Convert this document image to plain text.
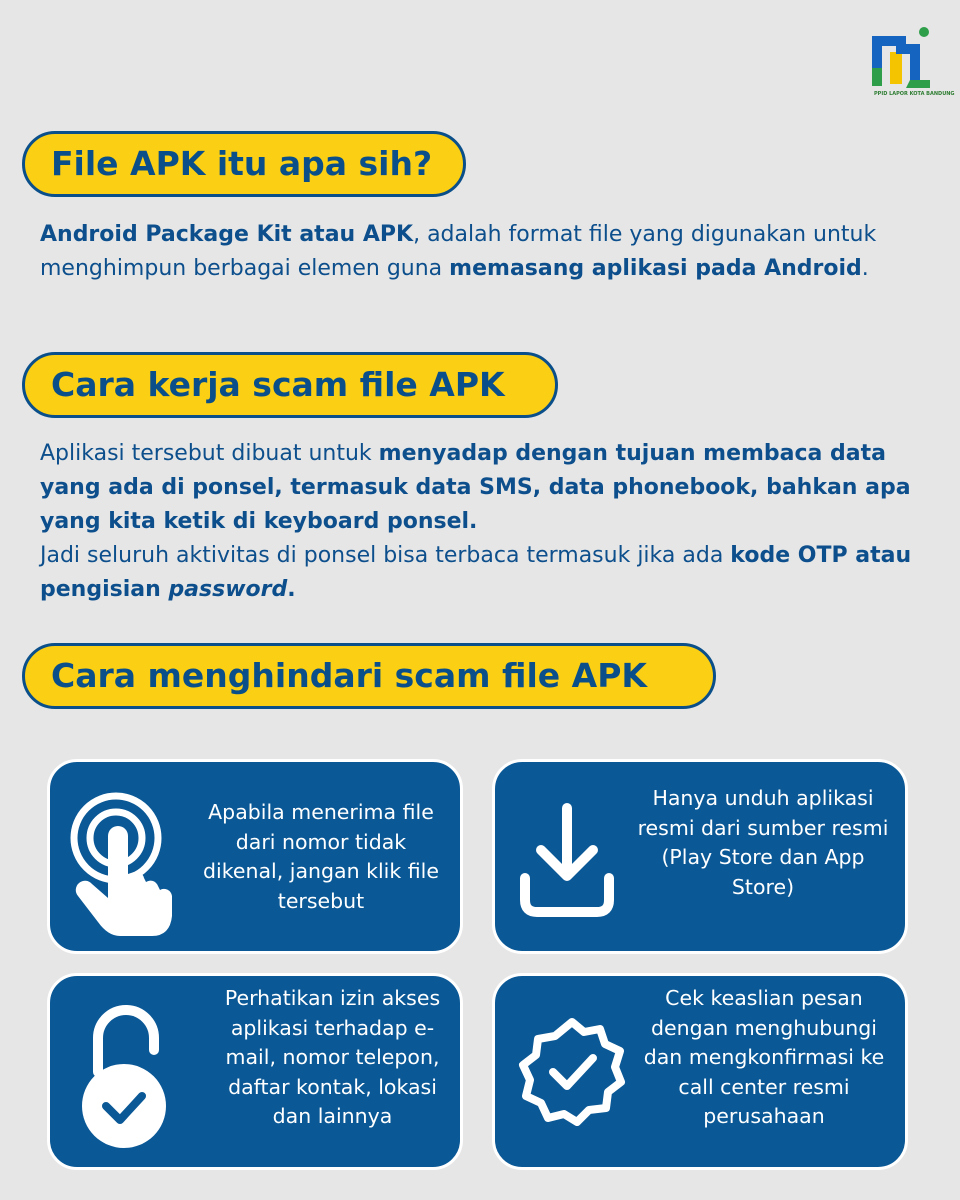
PPID LAPOR KOTA BANDUNG
File APK itu apa sih?
Android Package Kit atau APK, adalah format file yang digunakan untuk menghimpun berbagai elemen guna memasang aplikasi pada Android.
Cara kerja scam file APK
Aplikasi tersebut dibuat untuk menyadap dengan tujuan membaca data yang ada di ponsel, termasuk data SMS, data phonebook, bahkan apa yang kita ketik di keyboard ponsel.
Jadi seluruh aktivitas di ponsel bisa terbaca termasuk jika ada kode OTP atau pengisian password.
Cara menghindari scam file APK
Apabila menerima file dari nomor tidak dikenal, jangan klik file tersebut
Hanya unduh aplikasi resmi dari sumber resmi (Play Store dan App Store)
Perhatikan izin akses aplikasi terhadap e-mail, nomor telepon, daftar kontak, lokasi dan lainnya
Cek keaslian pesan dengan menghubungi dan mengkonfirmasi ke call center resmi perusahaan
